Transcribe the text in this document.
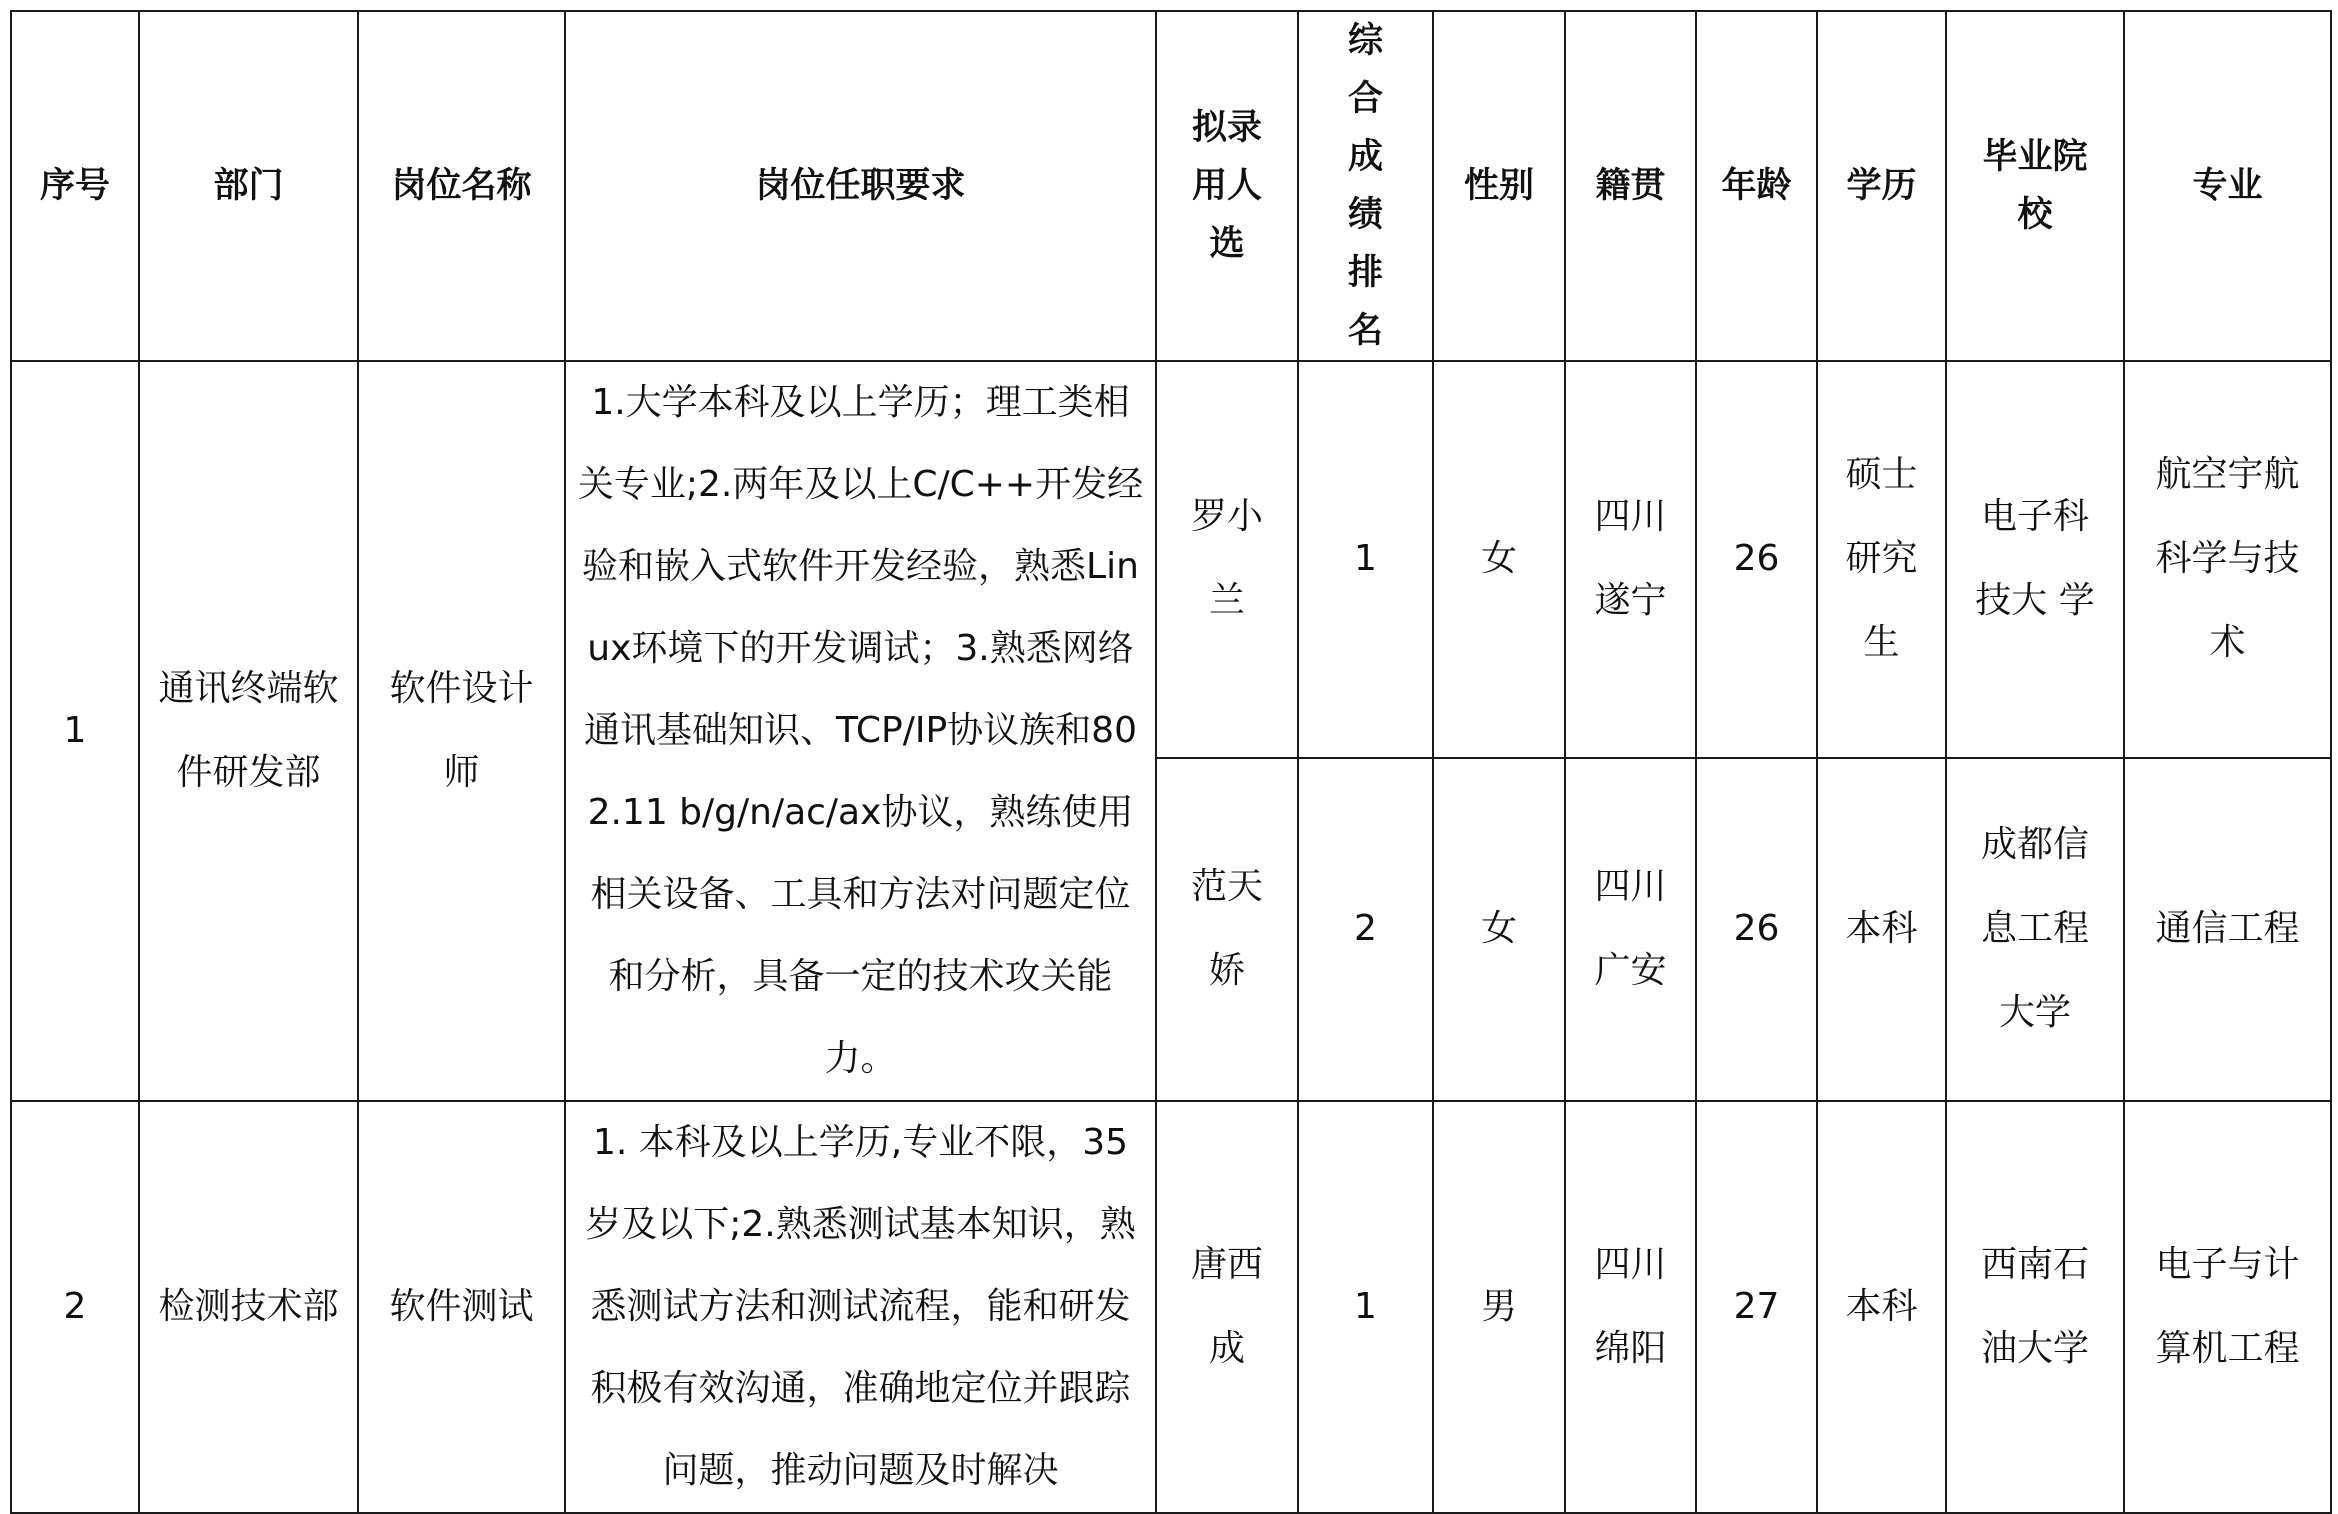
序号	部门	岗位名称	岗位任职要求	拟录用人选	综合成绩排名	性别	籍贯	年龄	学历	毕业院校	专业
1	通讯终端软件研发部	软件设计师	1.大学本科及以上学历；理工类相关专业;2.两年及以上C/C++开发经验和嵌入式软件开发经验，熟悉Linux环境下的开发调试；3.熟悉网络通讯基础知识、TCP/IP协议族和802.11 b/g/n/ac/ax协议，熟练使用相关设备、工具和方法对问题定位和分析，具备一定的技术攻关能力。	罗小兰	1	女	四川遂宁	26	硕士研究生	电子科技大 学	航空宇航科学与技术
				范天娇	2	女	四川广安	26	本科	成都信息工程大学	通信工程
2	检测技术部	软件测试	1. 本科及以上学历,专业不限，35岁及以下;2.熟悉测试基本知识，熟悉测试方法和测试流程，能和研发积极有效沟通，准确地定位并跟踪问题，推动问题及时解决	唐西成	1	男	四川绵阳	27	本科	西南石油大学	电子与计算机工程
